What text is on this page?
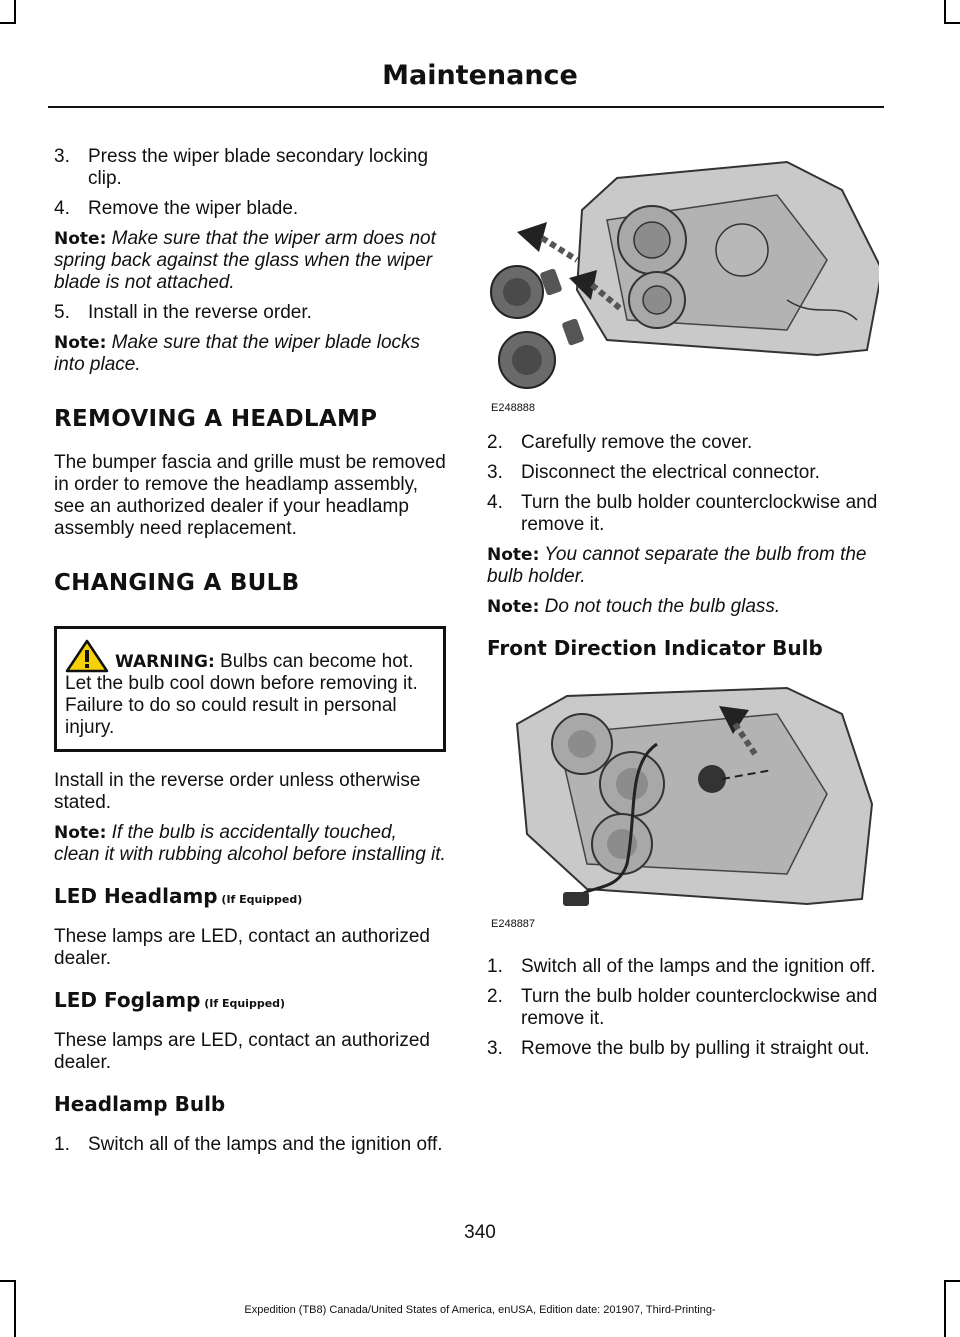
Maintenance
3. Press the wiper blade secondary locking clip.
4. Remove the wiper blade.

Note: Make sure that the wiper arm does not spring back against the glass when the wiper blade is not attached.

5. Install in the reverse order.

Note: Make sure that the wiper blade locks into place.

REMOVING A HEADLAMP

The bumper fascia and grille must be removed in order to remove the headlamp assembly, see an authorized dealer if your headlamp assembly need replacement.

CHANGING A BULB

WARNING: Bulbs can become hot. Let the bulb cool down before removing it. Failure to do so could result in personal injury.

Install in the reverse order unless otherwise stated.

Note: If the bulb is accidentally touched, clean it with rubbing alcohol before installing it.

LED Headlamp (If Equipped)

These lamps are LED, contact an authorized dealer.

LED Foglamp (If Equipped)

These lamps are LED, contact an authorized dealer.

Headlamp Bulb
1. Switch all of the lamps and the ignition off.
E248888
2. Carefully remove the cover.
3. Disconnect the electrical connector.
4. Turn the bulb holder counterclockwise and remove it.

Note: You cannot separate the bulb from the bulb holder.

Note: Do not touch the bulb glass.

Front Direction Indicator Bulb
E248887
1. Switch all of the lamps and the ignition off.
2. Turn the bulb holder counterclockwise and remove it.
3. Remove the bulb by pulling it straight out.
340
Expedition (TB8) Canada/United States of America, enUSA, Edition date: 201907, Third-Printing-
